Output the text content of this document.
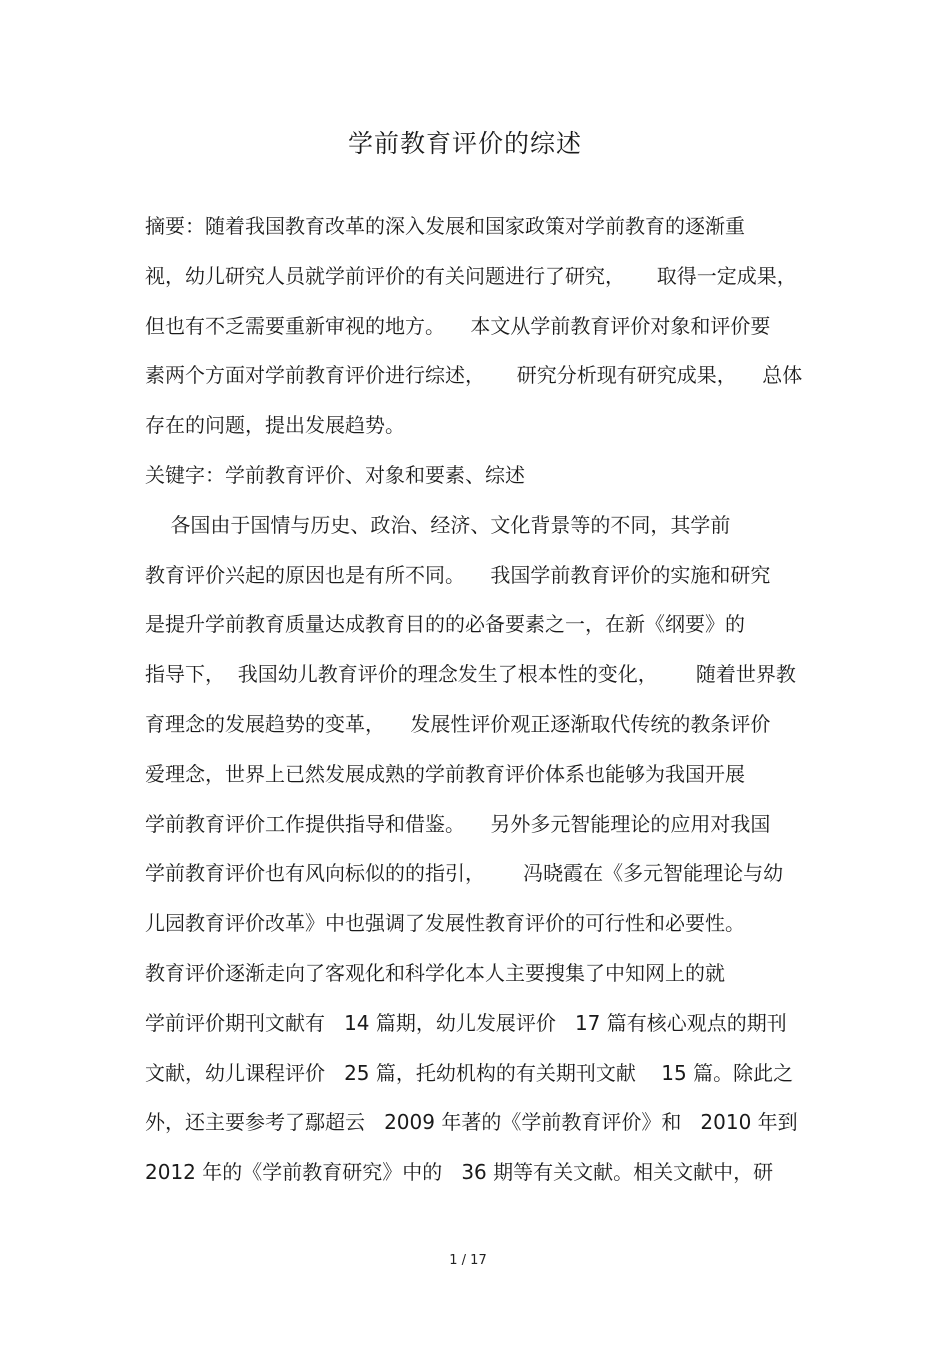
学前教育评价的综述
摘要：随着我国教育改革的深入发展和国家政策对学前教育的逐渐重
视，幼儿研究人员就学前评价的有关问题进行了研究，     取得一定成果，
但也有不乏需要重新审视的地方。    本文从学前教育评价对象和评价要
素两个方面对学前教育评价进行综述，     研究分析现有研究成果，    总体
存在的问题，提出发展趋势。
关键字：学前教育评价、对象和要素、综述
各国由于国情与历史、政治、经济、文化背景等的不同，其学前
教育评价兴起的原因也是有所不同。    我国学前教育评价的实施和研究
是提升学前教育质量达成教育目的的必备要素之一，在新《纲要》的
指导下，  我国幼儿教育评价的理念发生了根本性的变化，      随着世界教
育理念的发展趋势的变革，    发展性评价观正逐渐取代传统的教条评价
爱理念，世界上已然发展成熟的学前教育评价体系也能够为我国开展
学前教育评价工作提供指导和借鉴。    另外多元智能理论的应用对我国
学前教育评价也有风向标似的的指引，      冯晓霞在《多元智能理论与幼
儿园教育评价改革》中也强调了发展性教育评价的可行性和必要性。
教育评价逐渐走向了客观化和科学化本人主要搜集了中知网上的就
学前评价期刊文献有   14 篇期，幼儿发展评价   17 篇有核心观点的期刊
文献，幼儿课程评价   25 篇，托幼机构的有关期刊文献    15 篇。除此之
外，还主要参考了鄢超云   2009 年著的《学前教育评价》和   2010 年到
2012 年的《学前教育研究》中的   36 期等有关文献。相关文献中，研
1 / 17
